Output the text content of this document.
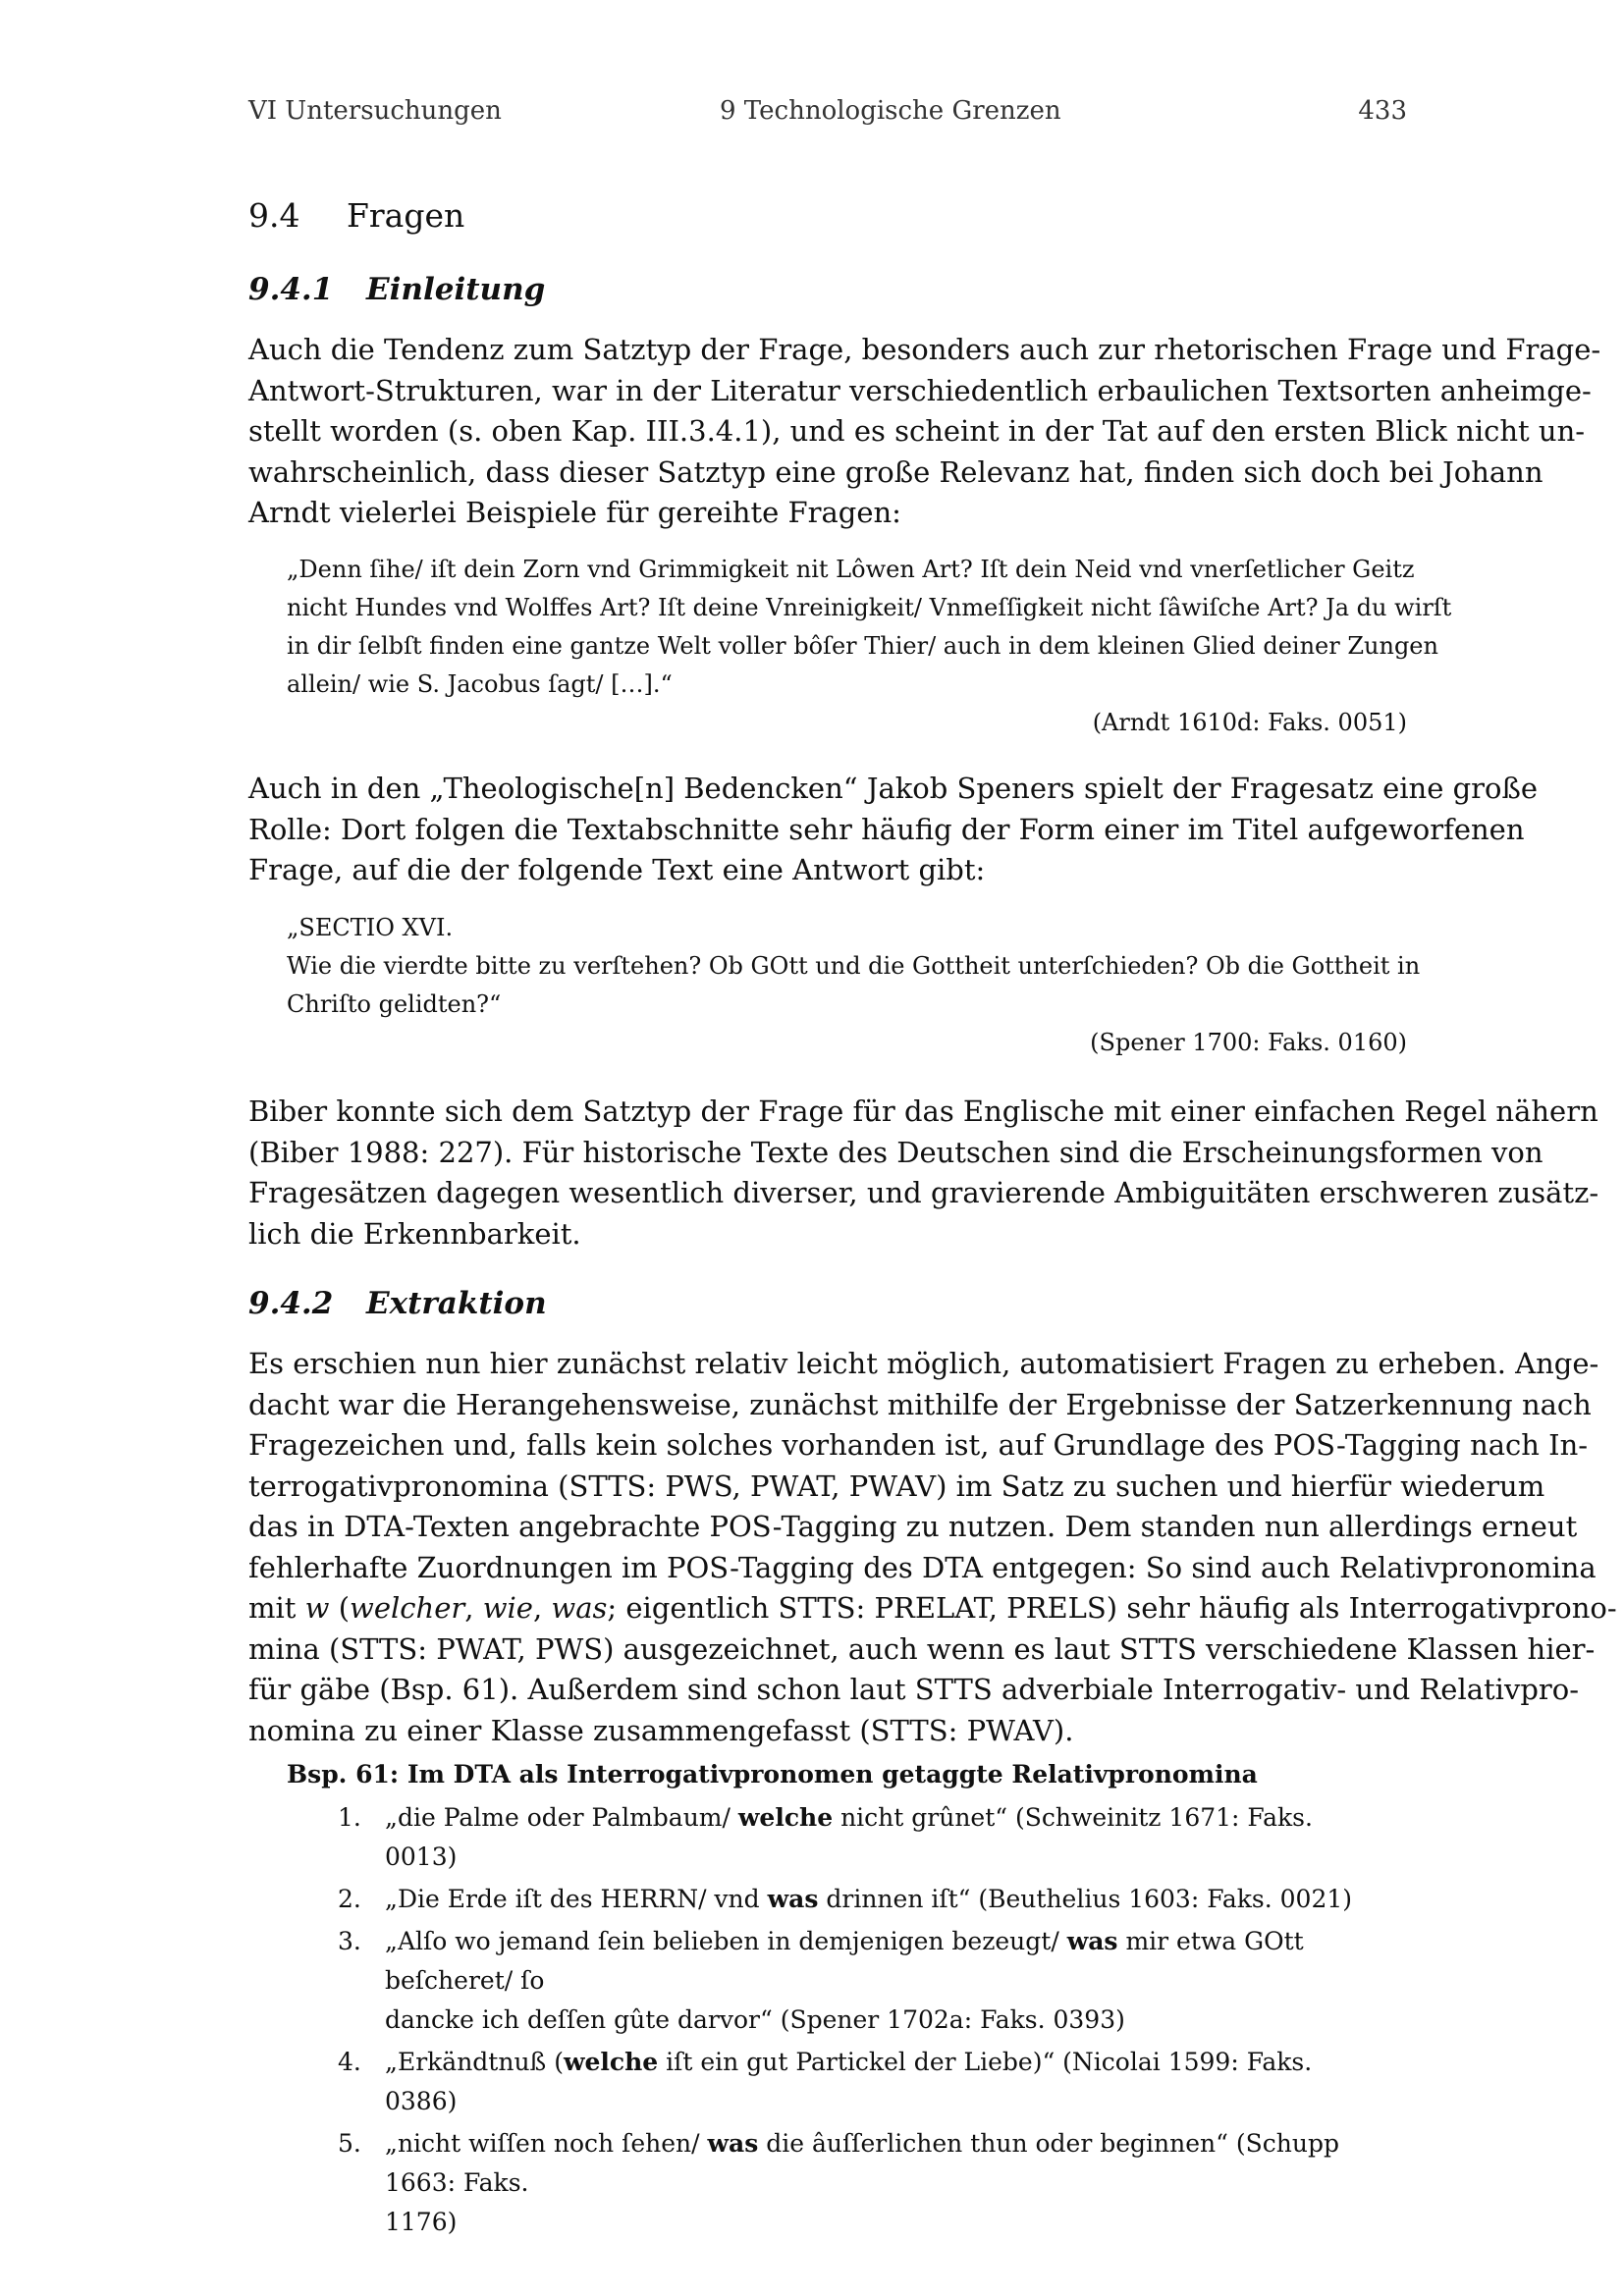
VI Untersuchungen	9 Technologische Grenzen	433
9.4 Fragen
9.4.1 Einleitung
Auch die Tendenz zum Satztyp der Frage, besonders auch zur rhetorischen Frage und Frage-
Antwort-Strukturen, war in der Literatur verschiedentlich erbaulichen Textsorten anheimge-
stellt worden (s. oben Kap. III.3.4.1), und es scheint in der Tat auf den ersten Blick nicht un-
wahrscheinlich, dass dieser Satztyp eine große Relevanz hat, finden sich doch bei Johann
Arndt vielerlei Beispiele für gereihte Fragen:
„Denn ſihe/ iſt dein Zorn vnd Grimmigkeit nit Lôwen Art? Iſt dein Neid vnd vnerſetlicher Geitz
nicht Hundes vnd Wolffes Art? Iſt deine Vnreinigkeit/ Vnmeſſigkeit nicht ſâwiſche Art? Ja du wirſt
in dir ſelbſt finden eine gantze Welt voller bôſer Thier/ auch in dem kleinen Glied deiner Zungen
allein/ wie S. Jacobus ſagt/ […].“
(Arndt 1610d: Faks. 0051)
Auch in den „Theologische[n] Bedencken“ Jakob Speners spielt der Fragesatz eine große
Rolle: Dort folgen die Textabschnitte sehr häufig der Form einer im Titel aufgeworfenen
Frage, auf die der folgende Text eine Antwort gibt:
„SECTIO XVI.
Wie die vierdte bitte zu verſtehen? Ob GOtt und die Gottheit unterſchieden? Ob die Gottheit in
Chriſto gelidten?“
(Spener 1700: Faks. 0160)
Biber konnte sich dem Satztyp der Frage für das Englische mit einer einfachen Regel nähern
(Biber 1988: 227). Für historische Texte des Deutschen sind die Erscheinungsformen von
Fragesätzen dagegen wesentlich diverser, und gravierende Ambiguitäten erschweren zusätz-
lich die Erkennbarkeit.
9.4.2 Extraktion
Es erschien nun hier zunächst relativ leicht möglich, automatisiert Fragen zu erheben. Ange-
dacht war die Herangehensweise, zunächst mithilfe der Ergebnisse der Satzerkennung nach
Fragezeichen und, falls kein solches vorhanden ist, auf Grundlage des POS-Tagging nach In-
terrogativpronomina (STTS: PWS, PWAT, PWAV) im Satz zu suchen und hierfür wiederum
das in DTA-Texten angebrachte POS-Tagging zu nutzen. Dem standen nun allerdings erneut
fehlerhafte Zuordnungen im POS-Tagging des DTA entgegen: So sind auch Relativpronomina
mit w (welcher, wie, was; eigentlich STTS: PRELAT, PRELS) sehr häufig als Interrogativprono-
mina (STTS: PWAT, PWS) ausgezeichnet, auch wenn es laut STTS verschiedene Klassen hier-
für gäbe (Bsp. 61). Außerdem sind schon laut STTS adverbiale Interrogativ- und Relativpro-
nomina zu einer Klasse zusammengefasst (STTS: PWAV).
Bsp. 61: Im DTA als Interrogativpronomen getaggte Relativpronomina
1. „die Palme oder Palmbaum/ welche nicht grûnet“ (Schweinitz 1671: Faks. 0013)
2. „Die Erde iſt des HERRN/ vnd was drinnen iſt“ (Beuthelius 1603: Faks. 0021)
3. „Alſo wo jemand ſein belieben in demjenigen bezeugt/ was mir etwa GOtt beſcheret/ ſo
dancke ich deſſen gûte darvor“ (Spener 1702a: Faks. 0393)
4. „Erkändtnuß (welche iſt ein gut Partickel der Liebe)“ (Nicolai 1599: Faks. 0386)
5. „nicht wiſſen noch ſehen/ was die âuſſerlichen thun oder beginnen“ (Schupp 1663: Faks.
1176)
